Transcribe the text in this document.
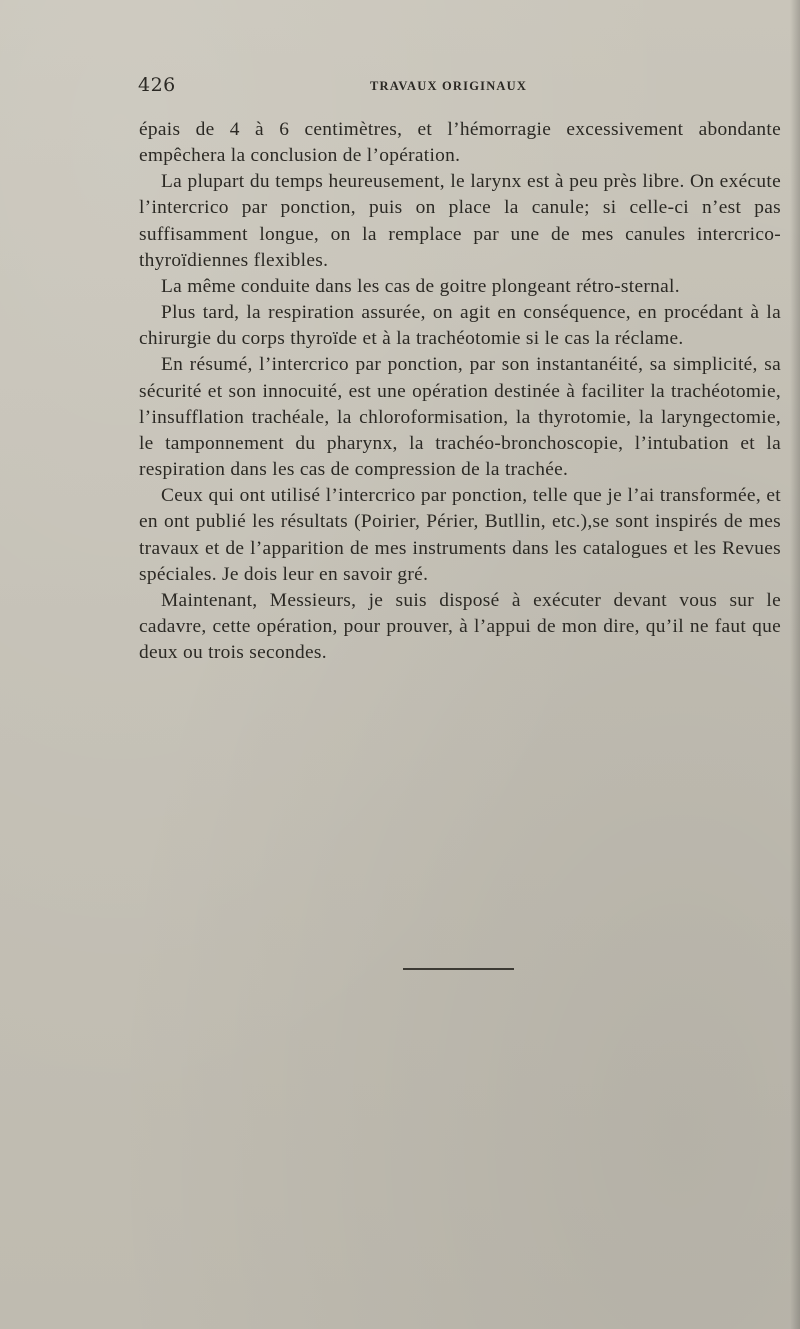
426	TRAVAUX ORIGINAUX

épais de 4 à 6 centimètres, et l’hémorragie excessivement abondante empêchera la conclusion de l’opération.

La plupart du temps heureusement, le larynx est à peu près libre. On exécute l’intercrico par ponction, puis on place la canule; si celle-ci n’est pas suffisamment longue, on la remplace par une de mes canules intercrico-thyroïdiennes flexibles.

La même conduite dans les cas de goitre plongeant rétro-sternal.

Plus tard, la respiration assurée, on agit en conséquence, en procédant à la chirurgie du corps thyroïde et à la trachéotomie si le cas la réclame.

En résumé, l’intercrico par ponction, par son instantanéité, sa simplicité, sa sécurité et son innocuité, est une opération destinée à faciliter la trachéotomie, l’insufflation trachéale, la chloroformisation, la thyrotomie, la laryngectomie, le tamponnement du pharynx, la trachéo-bronchoscopie, l’intubation et la respiration dans les cas de compression de la trachée.

Ceux qui ont utilisé l’intercrico par ponction, telle que je l’ai transformée, et en ont publié les résultats (Poirier, Périer, Butllin, etc.),se sont inspirés de mes travaux et de l’apparition de mes instruments dans les catalogues et les Revues spéciales. Je dois leur en savoir gré.

Maintenant, Messieurs, je suis disposé à exécuter devant vous sur le cadavre, cette opération, pour prouver, à l’appui de mon dire, qu’il ne faut que deux ou trois secondes.
